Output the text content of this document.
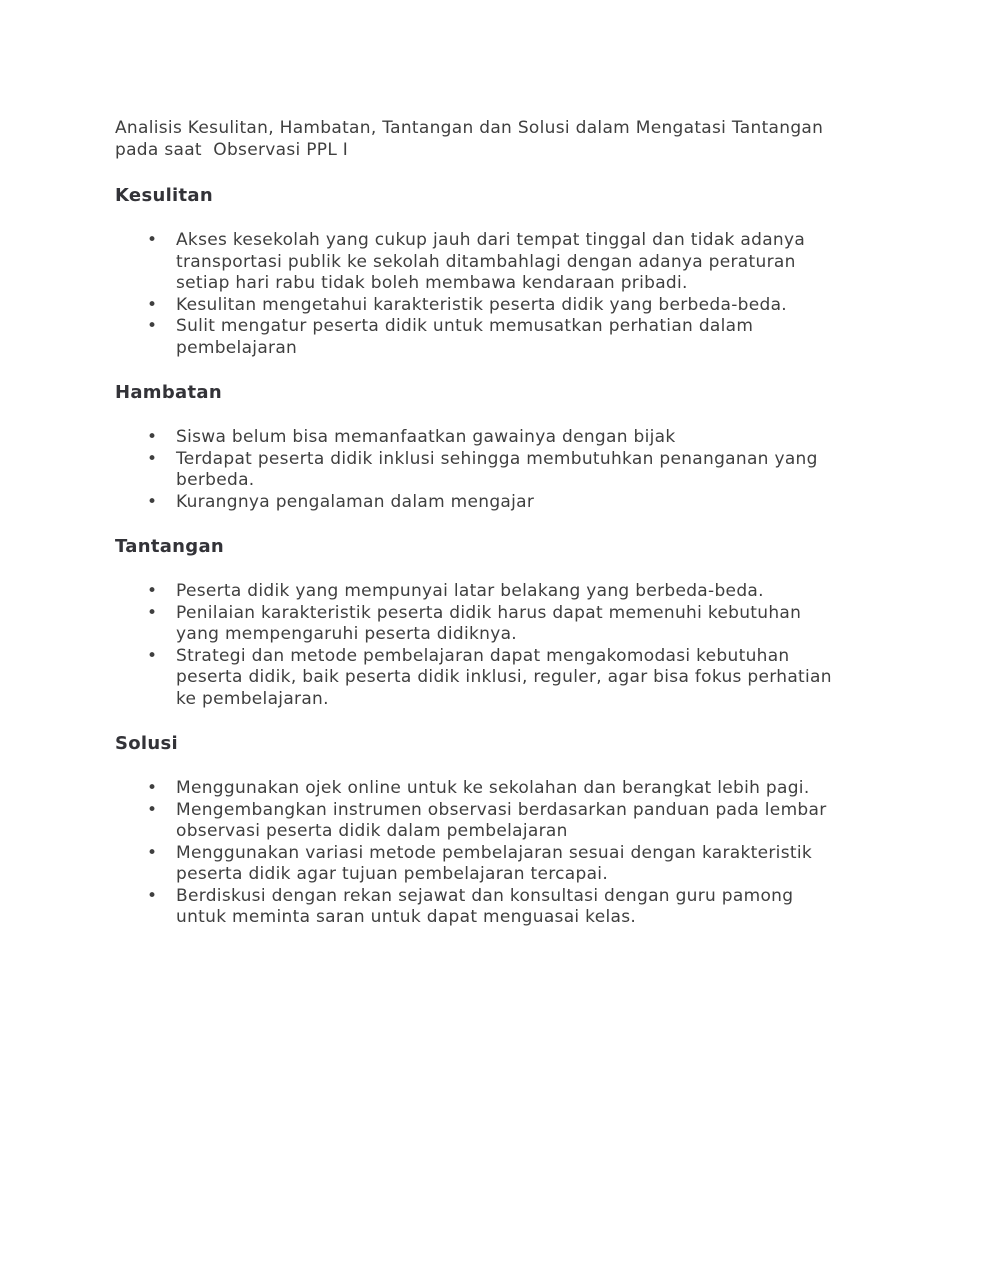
Analisis Kesulitan, Hambatan, Tantangan dan Solusi dalam Mengatasi Tantangan pada saat  Observasi PPL I

Kesulitan
• Akses kesekolah yang cukup jauh dari tempat tinggal dan tidak adanya transportasi publik ke sekolah ditambahlagi dengan adanya peraturan setiap hari rabu tidak boleh membawa kendaraan pribadi.
• Kesulitan mengetahui karakteristik peserta didik yang berbeda-beda.
• Sulit mengatur peserta didik untuk memusatkan perhatian dalam pembelajaran
Hambatan
• Siswa belum bisa memanfaatkan gawainya dengan bijak
• Terdapat peserta didik inklusi sehingga membutuhkan penanganan yang berbeda.
• Kurangnya pengalaman dalam mengajar
Tantangan
• Peserta didik yang mempunyai latar belakang yang berbeda-beda.
• Penilaian karakteristik peserta didik harus dapat memenuhi kebutuhan yang mempengaruhi peserta didiknya.
• Strategi dan metode pembelajaran dapat mengakomodasi kebutuhan peserta didik, baik peserta didik inklusi, reguler, agar bisa fokus perhatian ke pembelajaran.
Solusi
• Menggunakan ojek online untuk ke sekolahan dan berangkat lebih pagi.
• Mengembangkan instrumen observasi berdasarkan panduan pada lembar observasi peserta didik dalam pembelajaran
• Menggunakan variasi metode pembelajaran sesuai dengan karakteristik peserta didik agar tujuan pembelajaran tercapai.
• Berdiskusi dengan rekan sejawat dan konsultasi dengan guru pamong untuk meminta saran untuk dapat menguasai kelas.
